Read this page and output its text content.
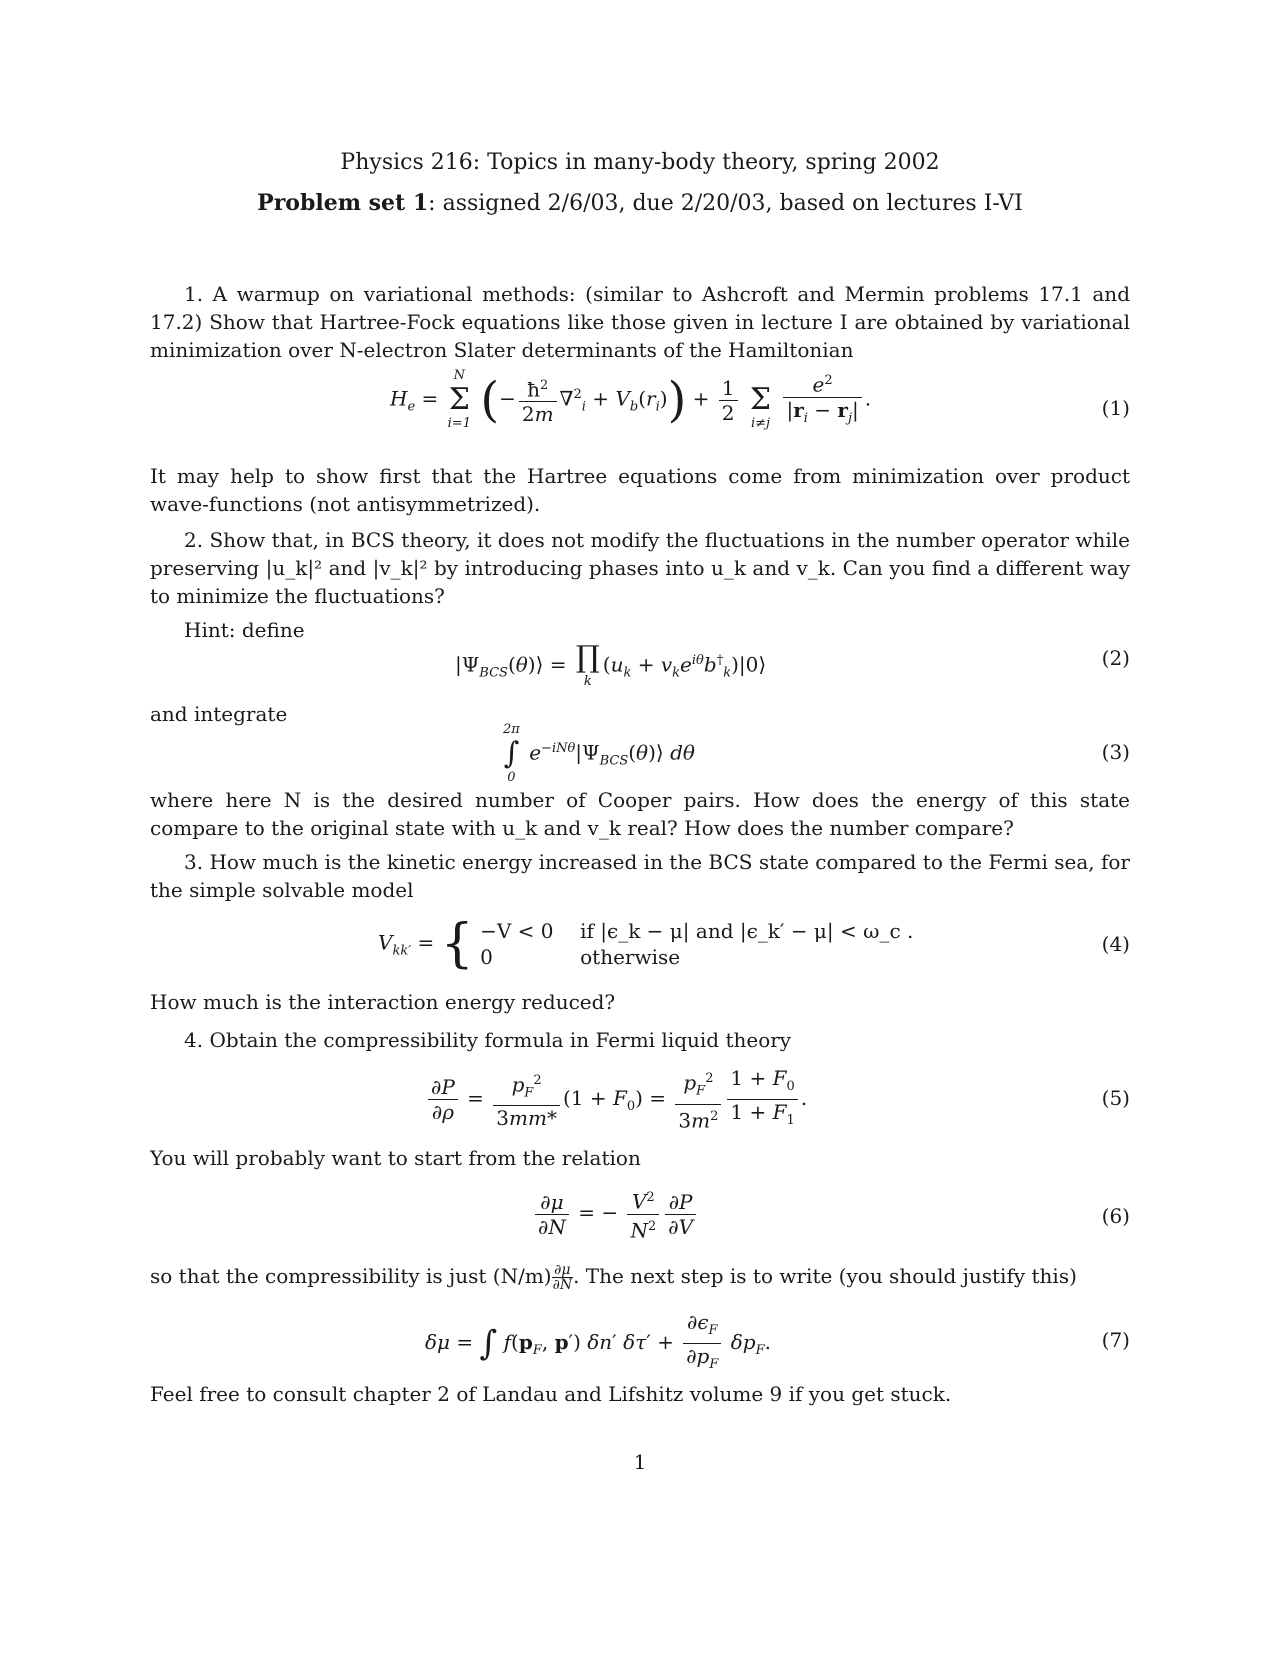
Physics 216: Topics in many-body theory, spring 2002
Problem set 1: assigned 2/6/03, due 2/20/03, based on lectures I-VI
1. A warmup on variational methods: (similar to Ashcroft and Mermin problems 17.1 and 17.2) Show that Hartree-Fock equations like those given in lecture I are obtained by variational minimization over N-electron Slater determinants of the Hamiltonian
$H_e$ =
N
Σ
i=1 (− $\frac{ħ^2}{2m} \nabla^2_i + V_b(r_i)) + \frac{1}{2}$

Σ
i≠j
$\frac{e^2}{|r_i - r_j|}$ .	(1)
It may help to show first that the Hartree equations come from minimization over product wave-functions (not antisymmetrized).
2. Show that, in BCS theory, it does not modify the fluctuations in the number operator while preserving |u_k|² and |v_k|² by introducing phases into u_k and v_k. Can you find a different way to minimize the fluctuations?
Hint: define
$|\Psi_{BCS}(\theta)⟩$ = ∏
k
($u_k$ + $v_ke^{i\theta}b^\dagger_k)|0⟩$	(2)
and integrate
2π
∫
0
$e^{-iN\theta}|\Psi_{BCS}(\theta)⟩$ dθ	(3)
where here N is the desired number of Cooper pairs. How does the energy of this state compare to the original state with u_k and v_k real? How does the number compare?
3. How much is the kinetic energy increased in the BCS state compared to the Fermi sea, for the simple solvable model
$V_{kk'}$ = { −V < 0 if |ϵ_k − μ| and |ϵ_k′ − μ| < ω_c .
0	otherwise
(4)
How much is the interaction energy reduced?
4. Obtain the compressibility formula in Fermi liquid theory
$\frac{\partial P}{\partial\rho} = \frac{p_F^2}{3mm*} (1 + F_0) = \frac{p_F^2}{3m^2} \frac{1 + F_0}{1 + F_1}$ .	(5)
You will probably want to start from the relation
$\frac{\partial\mu}{\partial N}$ = − $\frac{V^2}{N^2} \frac{\partial P}{\partial V}$	(6)
so that the compressibility is just $(N/m) \frac{\partial\mu}{\partial N}$ . The next step is to write (you should justify this)
δμ = ∫ $f(p_F$, p′) δn′ $\delta\tau' + \frac{\partial\epsilon_F}{\partial p_F} \delta p_F$.	(7)
Feel free to consult chapter 2 of Landau and Lifshitz volume 9 if you get stuck.
1
